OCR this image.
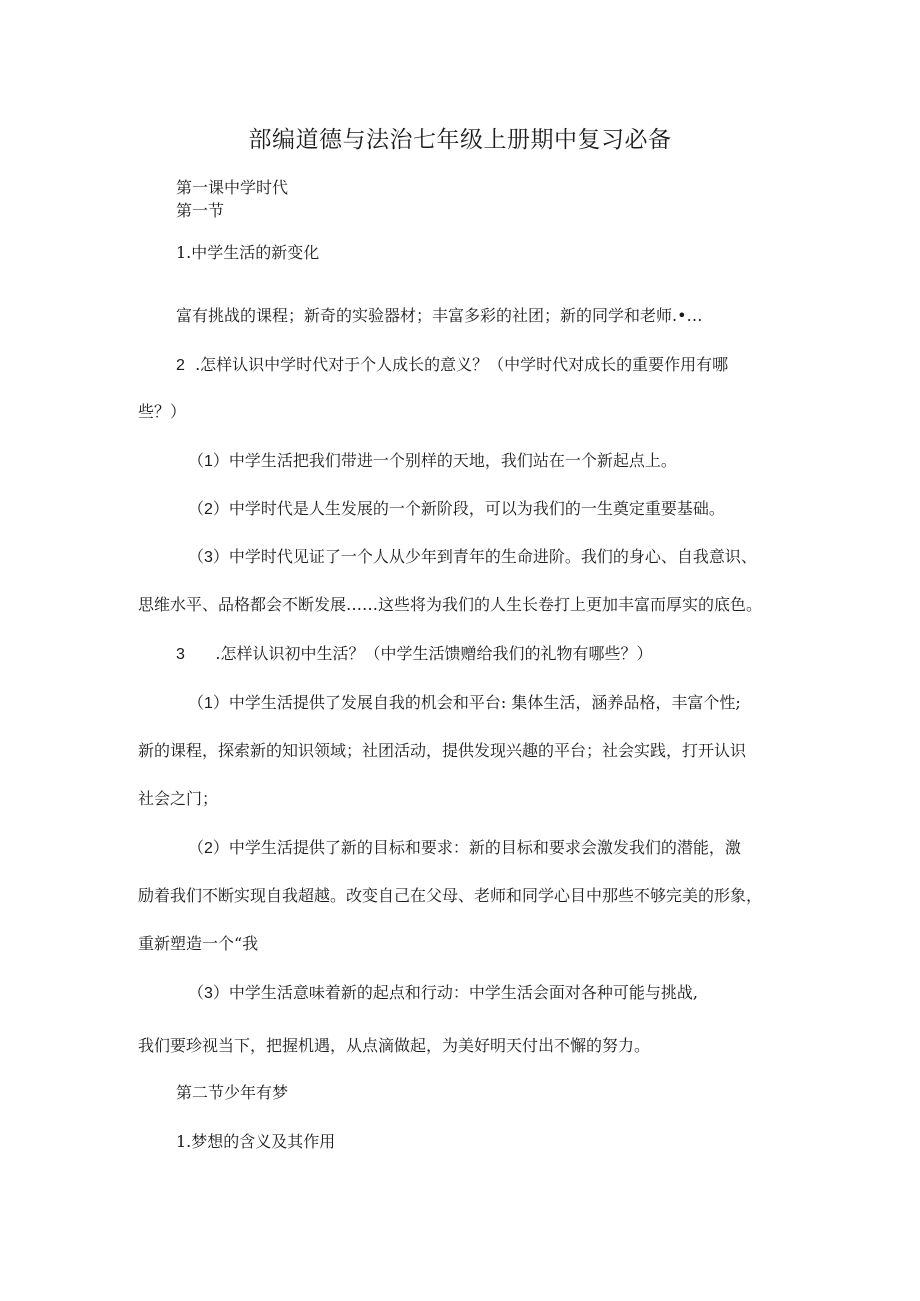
部编道德与法治七年级上册期中复习必备
第一课中学时代
第一节
1.中学生活的新变化
富有挑战的课程；新奇的实验器材；丰富多彩的社团；新的同学和老师.•…
2 .怎样认识中学时代对于个人成长的意义？（中学时代对成长的重要作用有哪
些？）
（1）中学生活把我们带进一个别样的天地，我们站在一个新起点上。
（2）中学时代是人生发展的一个新阶段，可以为我们的一生奠定重要基础。
（3）中学时代见证了一个人从少年到青年的生命进阶。我们的身心、自我意识、
思维水平、品格都会不断发展……这些将为我们的人生长卷打上更加丰富而厚实的底色。
3 .怎样认识初中生活？（中学生活馈赠给我们的礼物有哪些？）
（1）中学生活提供了发展自我的机会和平台: 集体生活，涵养品格，丰富个性;
新的课程，探索新的知识领域；社团活动，提供发现兴趣的平台；社会实践，打开认识
社会之门；
（2）中学生活提供了新的目标和要求：新的目标和要求会激发我们的潜能，激
励着我们不断实现自我超越。改变自己在父母、老师和同学心目中那些不够完美的形象，
重新塑造一个“我
（3）中学生活意味着新的起点和行动：中学生活会面对各种可能与挑战,
我们要珍视当下，把握机遇，从点滴做起，为美好明天付出不懈的努力。
第二节少年有梦
1.梦想的含义及其作用
